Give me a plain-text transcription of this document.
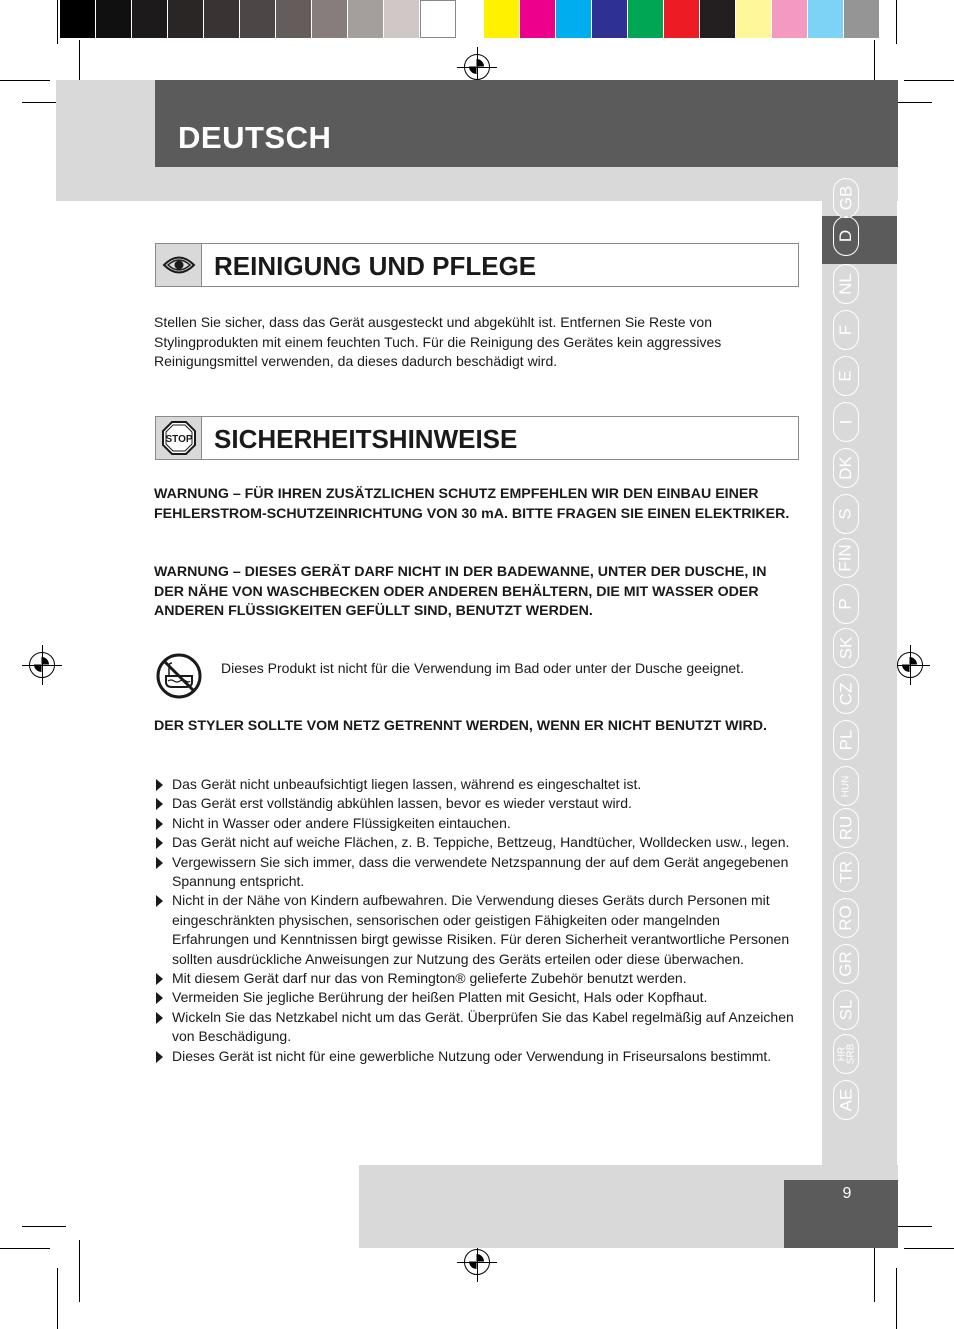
DEUTSCH
GB
D
NL
F
E
I
DK
S
FIN
P
SK
CZ
PL
HUN
RU
TR
RO
GR
SL
HR
SRB
AE
REINIGUNG UND PFLEGE
Stellen Sie sicher, dass das Gerät ausgesteckt und abgekühlt ist. Entfernen Sie Reste von Stylingprodukten mit einem feuchten Tuch. Für die Reinigung des Gerätes kein aggressives Reinigungsmittel verwenden, da dieses dadurch beschädigt wird.
STOP SICHERHEITSHINWEISE
WARNUNG – FÜR IHREN ZUSÄTZLICHEN SCHUTZ EMPFEHLEN WIR DEN EINBAU EINER FEHLERSTROM-SCHUTZEINRICHTUNG VON 30 mA. BITTE FRAGEN SIE EINEN ELEKTRIKER.
WARNUNG – DIESES GERÄT DARF NICHT IN DER BADEWANNE, UNTER DER DUSCHE, IN DER NÄHE VON WASCHBECKEN ODER ANDEREN BEHÄLTERN, DIE MIT WASSER ODER ANDEREN FLÜSSIGKEITEN GEFÜLLT SIND, BENUTZT WERDEN.
Dieses Produkt ist nicht für die Verwendung im Bad oder unter der Dusche geeignet.
DER STYLER SOLLTE VOM NETZ GETRENNT WERDEN, WENN ER NICHT BENUTZT WIRD.
Das Gerät nicht unbeaufsichtigt liegen lassen, während es eingeschaltet ist.
Das Gerät erst vollständig abkühlen lassen, bevor es wieder verstaut wird.
Nicht in Wasser oder andere Flüssigkeiten eintauchen.
Das Gerät nicht auf weiche Flächen, z. B. Teppiche, Bettzeug, Handtücher, Wolldecken usw., legen.
Vergewissern Sie sich immer, dass die verwendete Netzspannung der auf dem Gerät angegebenen Spannung entspricht.
Nicht in der Nähe von Kindern aufbewahren. Die Verwendung dieses Geräts durch Personen mit eingeschränkten physischen, sensorischen oder geistigen Fähigkeiten oder mangelnden Erfahrungen und Kenntnissen birgt gewisse Risiken. Für deren Sicherheit verantwortliche Personen sollten ausdrückliche Anweisungen zur Nutzung des Geräts erteilen oder diese überwachen.
Mit diesem Gerät darf nur das von Remington® gelieferte Zubehör benutzt werden.
Vermeiden Sie jegliche Berührung der heißen Platten mit Gesicht, Hals oder Kopfhaut.
Wickeln Sie das Netzkabel nicht um das Gerät. Überprüfen Sie das Kabel regelmäßig auf Anzeichen von Beschädigung.
Dieses Gerät ist nicht für eine gewerbliche Nutzung oder Verwendung in Friseursalons bestimmt.
9
